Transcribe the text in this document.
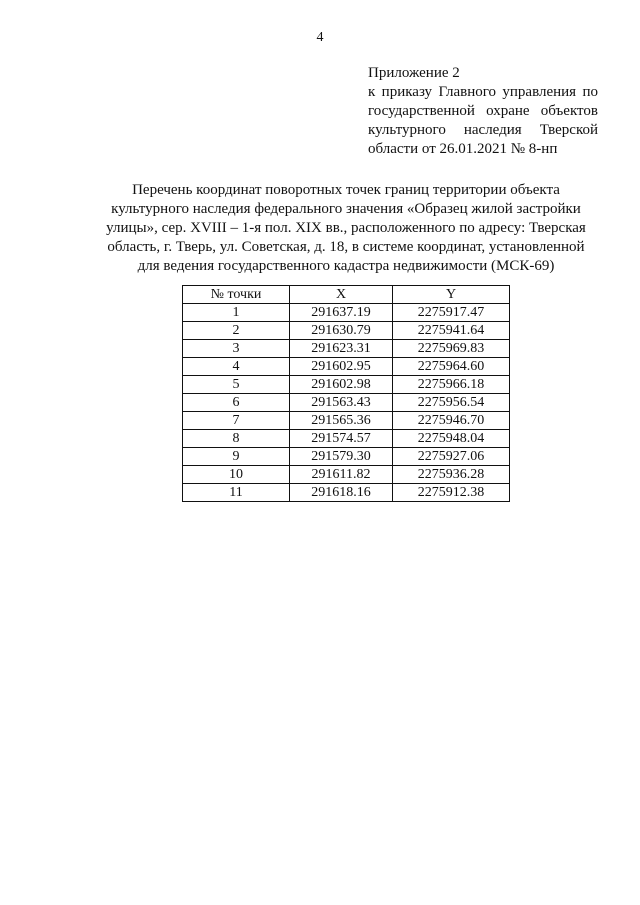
4
Приложение 2
к приказу Главного управления по
государственной охране объектов
культурного наследия Тверской
области от 26.01.2021 № 8-нп
Перечень координат поворотных точек границ территории объекта
культурного наследия федерального значения «Образец жилой застройки
улицы», сер. XVIII – 1-я пол. XIX вв., расположенного по адресу: Тверская
область, г. Тверь, ул. Советская, д. 18, в системе координат, установленной
для ведения государственного кадастра недвижимости (МСК-69)
№ точки	X	Y
1	291637.19	2275917.47
2	291630.79	2275941.64
3	291623.31	2275969.83
4	291602.95	2275964.60
5	291602.98	2275966.18
6	291563.43	2275956.54
7	291565.36	2275946.70
8	291574.57	2275948.04
9	291579.30	2275927.06
10	291611.82	2275936.28
11	291618.16	2275912.38
